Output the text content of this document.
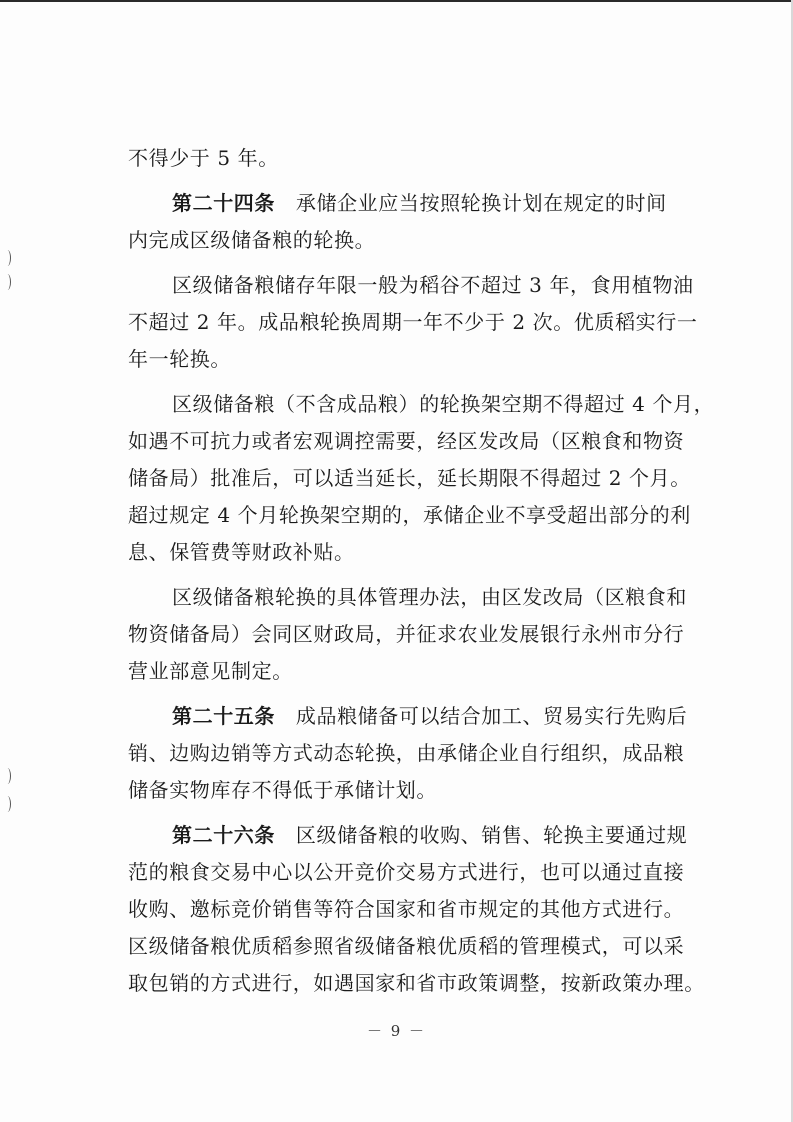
不得少于 5 年。
第二十四条 承储企业应当按照轮换计划在规定的时间
内完成区级储备粮的轮换。
区级储备粮储存年限一般为稻谷不超过 3 年，食用植物油
不超过 2 年。成品粮轮换周期一年不少于 2 次。优质稻实行一
年一轮换。
区级储备粮（不含成品粮）的轮换架空期不得超过 4 个月，
如遇不可抗力或者宏观调控需要，经区发改局（区粮食和物资
储备局）批准后，可以适当延长，延长期限不得超过 2 个月。
超过规定 4 个月轮换架空期的，承储企业不享受超出部分的利
息、保管费等财政补贴。
区级储备粮轮换的具体管理办法，由区发改局（区粮食和
物资储备局）会同区财政局，并征求农业发展银行永州市分行
营业部意见制定。
第二十五条 成品粮储备可以结合加工、贸易实行先购后
销、边购边销等方式动态轮换，由承储企业自行组织，成品粮
储备实物库存不得低于承储计划。
第二十六条 区级储备粮的收购、销售、轮换主要通过规
范的粮食交易中心以公开竞价交易方式进行，也可以通过直接
收购、邀标竞价销售等符合国家和省市规定的其他方式进行。
区级储备粮优质稻参照省级储备粮优质稻的管理模式，可以采
取包销的方式进行，如遇国家和省市政策调整，按新政策办理。
－ 9 －
